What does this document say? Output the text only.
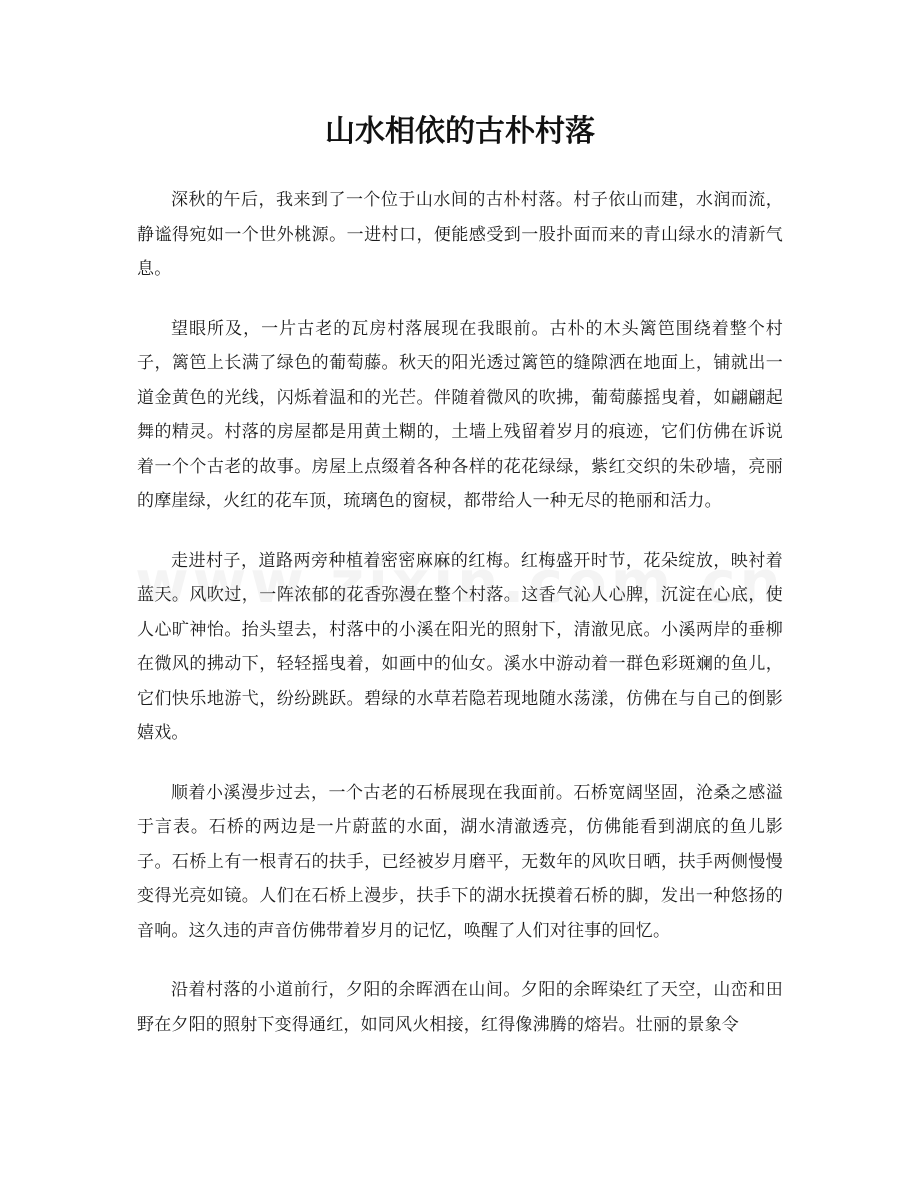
山水相依的古朴村落

深秋的午后，我来到了一个位于山水间的古朴村落。村子依山而建，水润而流，静谧得宛如一个世外桃源。一进村口，便能感受到一股扑面而来的青山绿水的清新气息。

望眼所及，一片古老的瓦房村落展现在我眼前。古朴的木头篱笆围绕着整个村子，篱笆上长满了绿色的葡萄藤。秋天的阳光透过篱笆的缝隙洒在地面上，铺就出一道金黄色的光线，闪烁着温和的光芒。伴随着微风的吹拂，葡萄藤摇曳着，如翩翩起舞的精灵。村落的房屋都是用黄土糊的，土墙上残留着岁月的痕迹，它们仿佛在诉说着一个个古老的故事。房屋上点缀着各种各样的花花绿绿，紫红交织的朱砂墙，亮丽的摩崖绿，火红的花车顶，琉璃色的窗棂，都带给人一种无尽的艳丽和活力。

走进村子，道路两旁种植着密密麻麻的红梅。红梅盛开时节，花朵绽放，映衬着蓝天。风吹过，一阵浓郁的花香弥漫在整个村落。这香气沁人心脾，沉淀在心底，使人心旷神怡。抬头望去，村落中的小溪在阳光的照射下，清澈见底。小溪两岸的垂柳在微风的拂动下，轻轻摇曳着，如画中的仙女。溪水中游动着一群色彩斑斓的鱼儿，它们快乐地游弋，纷纷跳跃。碧绿的水草若隐若现地随水荡漾，仿佛在与自己的倒影嬉戏。

顺着小溪漫步过去，一个古老的石桥展现在我面前。石桥宽阔坚固，沧桑之感溢于言表。石桥的两边是一片蔚蓝的水面，湖水清澈透亮，仿佛能看到湖底的鱼儿影子。石桥上有一根青石的扶手，已经被岁月磨平，无数年的风吹日晒，扶手两侧慢慢变得光亮如镜。人们在石桥上漫步，扶手下的湖水抚摸着石桥的脚，发出一种悠扬的音响。这久违的声音仿佛带着岁月的记忆，唤醒了人们对往事的回忆。

沿着村落的小道前行，夕阳的余晖洒在山间。夕阳的余晖染红了天空，山峦和田野在夕阳的照射下变得通红，如同风火相接，红得像沸腾的熔岩。壮丽的景象令
